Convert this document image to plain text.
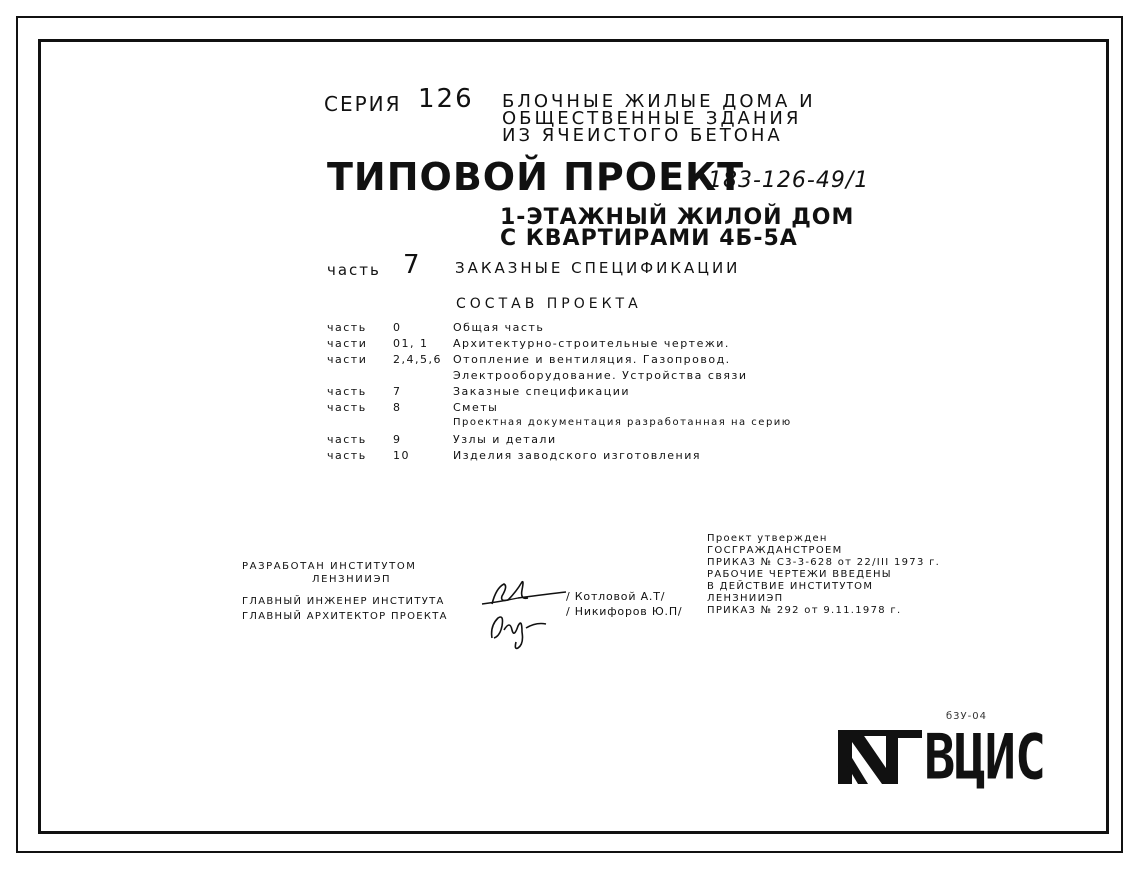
СЕРИЯ 126 БЛОЧНЫЕ ЖИЛЫЕ ДОМА И
ОБЩЕСТВЕННЫЕ ЗДАНИЯ
ИЗ ЯЧЕИСТОГО БЕТОНА
ТИПОВОЙ ПРОЕКТ
183-126-49/1
1-ЭТАЖНЫЙ ЖИЛОЙ ДОМ
С КВАРТИРАМИ 4Б-5А
часть 7 ЗАКАЗНЫЕ СПЕЦИФИКАЦИИ
СОСТАВ ПРОЕКТА
часть	0	Общая часть
части	01, 1	Архитектурно-строительные чертежи.
части	2,4,5,6 Отопление и вентиляция. Газопровод.
Электрооборудование. Устройства связи
часть	7	Заказные спецификации
часть	8	Сметы
Проектная документация разработанная на серию
часть	9	Узлы и детали
часть	10	Изделия заводского изготовления
РАЗРАБОТАН ИНСТИТУТОМ
ЛЕНЗНИИЭП
ГЛАВНЫЙ ИНЖЕНЕР ИНСТИТУТА
ГЛАВНЫЙ АРХИТЕКТОР ПРОЕКТА
/ Котловой А.Т/
/ Никифоров Ю.П/
Проект утвержден
ГОСГРАЖДАНСТРОЕМ
ПРИКАЗ № С3-3-628 от 22/III 1973 г.
РАБОЧИЕ ЧЕРТЕЖИ ВВЕДЕНЫ
В ДЕЙСТВИЕ ИНСТИТУТОМ
ЛЕНЗНИИЭП
ПРИКАЗ № 292 от 9.11.1978 г.
б3У-04
ВЦИС
